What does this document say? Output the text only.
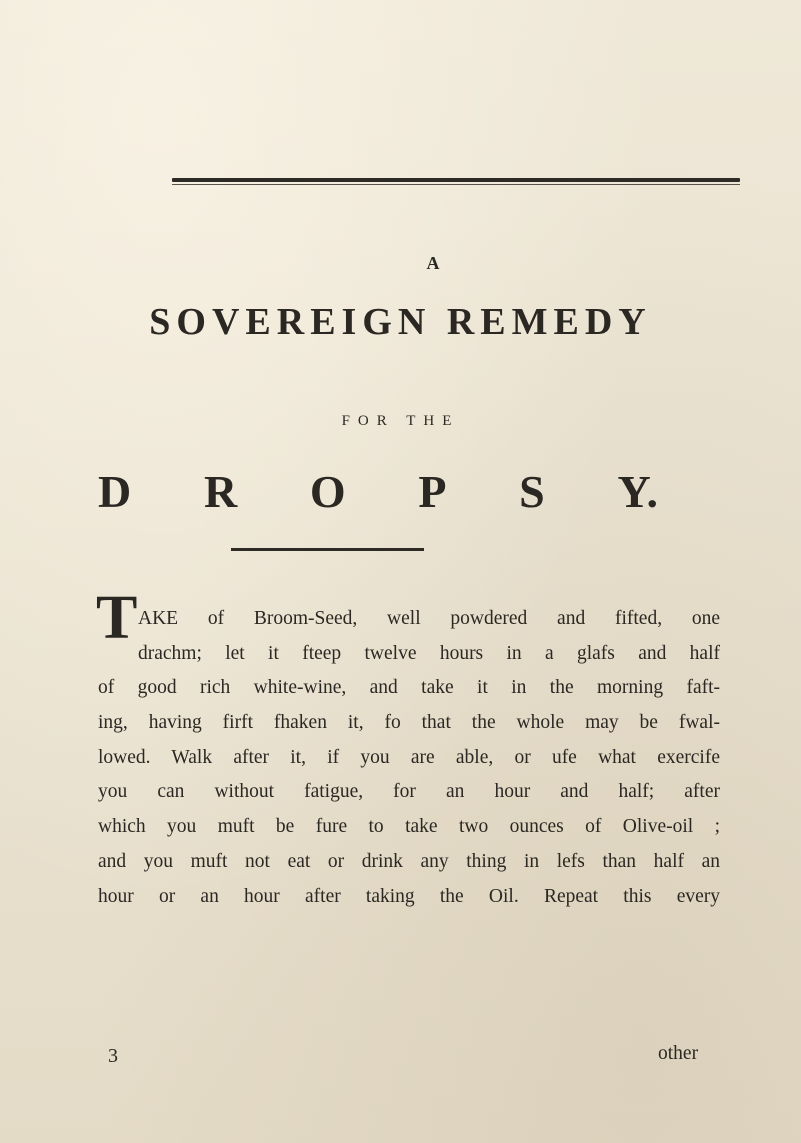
A
SOVEREIGN REMEDY
FOR THE
D R O P S Y.
T AKE of Broom-Seed, well powdered and fifted, one
drachm; let it fteep twelve hours in a glafs and half
of good rich white-wine, and take it in the morning faft-
ing, having firft fhaken it, fo that the whole may be fwal-
lowed. Walk after it, if you are able, or ufe what exercife
you can without fatigue, for an hour and half; after
which you muft be fure to take two ounces of Olive-oil ;
and you muft not eat or drink any thing in lefs than half an
hour or an hour after taking the Oil. Repeat this every
3	other
